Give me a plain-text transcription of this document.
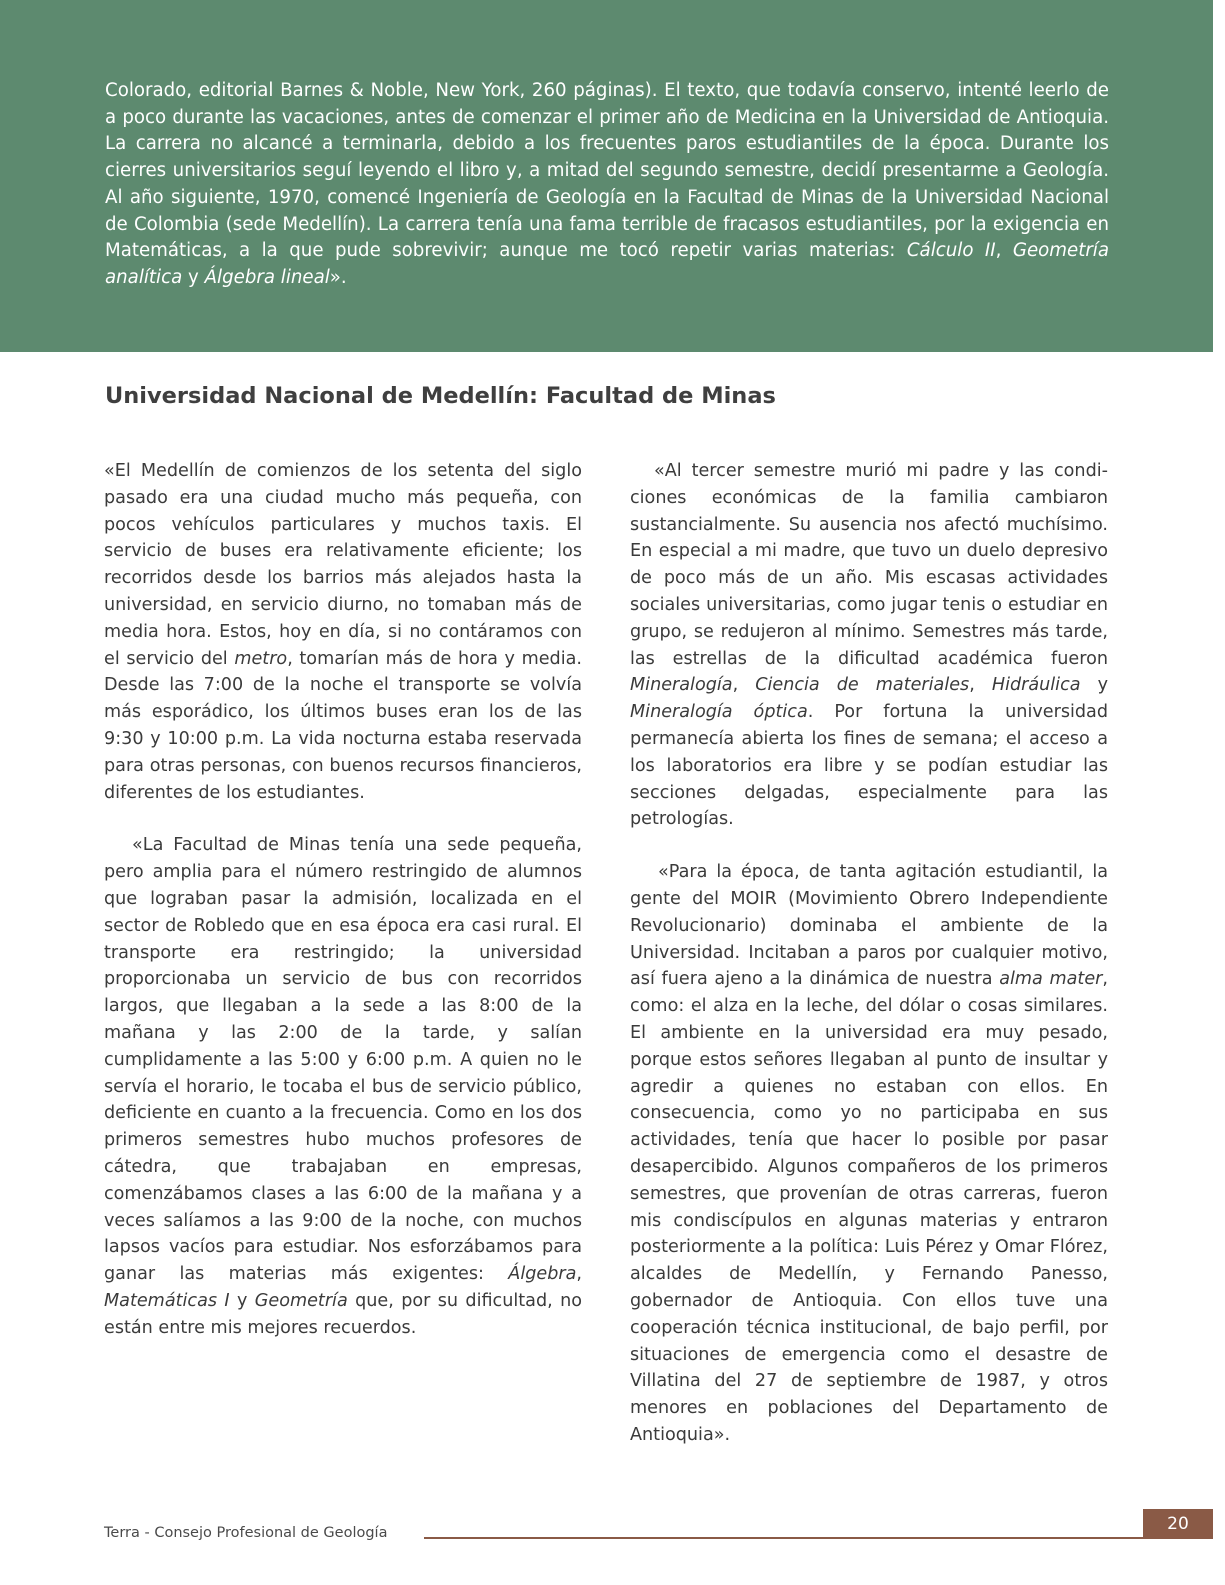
Colorado, editorial Barnes & Noble, New York, 260 páginas). El texto, que todavía conservo, intenté leerlo de a poco durante las vacaciones, antes de comenzar el primer año de Medicina en la Universidad de Antioquia. La carrera no alcancé a terminarla, debido a los frecuentes paros estudiantiles de la época. Durante los cierres universitarios seguí leyendo el libro y, a mitad del segundo semestre, decidí presentarme a Geología. Al año siguiente, 1970, comencé Ingeniería de Geología en la Facultad de Minas de la Universidad Nacional de Colombia (sede Medellín). La carrera tenía una fama terrible de fracasos estudiantiles, por la exigencia en Matemáticas, a la que pude sobrevivir; aunque me tocó repetir varias materias: Cálculo II, Geometría analítica y Álgebra lineal».

Universidad Nacional de Medellín: Facultad de Minas

«El Medellín de comienzos de los setenta del siglo pasado era una ciudad mucho más pequeña, con pocos vehículos particulares y muchos taxis. El servicio de buses era relativamente eficiente; los recorridos desde los barrios más alejados hasta la universidad, en servicio diurno, no tomaban más de media hora. Estos, hoy en día, si no contáramos con el servicio del metro, tomarían más de hora y media. Desde las 7:00 de la noche el transporte se volvía más esporádico, los últimos buses eran los de las 9:30 y 10:00 p.m. La vida nocturna estaba reservada para otras personas, con buenos recursos financieros, diferentes de los estudiantes.

«La Facultad de Minas tenía una sede pequeña, pero amplia para el número restringido de alumnos que lograban pasar la admisión, localizada en el sector de Robledo que en esa época era casi rural. El transporte era restringido; la universidad proporcionaba un servicio de bus con recorridos largos, que llegaban a la sede a las 8:00 de la mañana y las 2:00 de la tarde, y salían cumplidamente a las 5:00 y 6:00 p.m. A quien no le servía el horario, le tocaba el bus de servicio público, deficiente en cuanto a la frecuencia. Como en los dos primeros semestres hubo muchos profesores de cátedra, que trabajaban en empresas, comenzábamos clases a las 6:00 de la mañana y a veces salíamos a las 9:00 de la noche, con muchos lapsos vacíos para estudiar. Nos esforzábamos para ganar las materias más exigentes: Álgebra, Matemáticas I y Geometría que, por su dificultad, no están entre mis mejores recuerdos.

«Al tercer semestre murió mi padre y las condiciones económicas de la familia cambiaron sustancialmente. Su ausencia nos afectó muchísimo. En especial a mi madre, que tuvo un duelo depresivo de poco más de un año. Mis escasas actividades sociales universitarias, como jugar tenis o estudiar en grupo, se redujeron al mínimo. Semestres más tarde, las estrellas de la dificultad académica fueron Mineralogía, Ciencia de materiales, Hidráulica y Mineralogía óptica. Por fortuna la universidad permanecía abierta los fines de semana; el acceso a los laboratorios era libre y se podían estudiar las secciones delgadas, especialmente para las petrologías.

«Para la época, de tanta agitación estudiantil, la gente del MOIR (Movimiento Obrero Independiente Revolucionario) dominaba el ambiente de la Universidad. Incitaban a paros por cualquier motivo, así fuera ajeno a la dinámica de nuestra alma mater, como: el alza en la leche, del dólar o cosas similares. El ambiente en la universidad era muy pesado, porque estos señores llegaban al punto de insultar y agredir a quienes no estaban con ellos. En consecuencia, como yo no participaba en sus actividades, tenía que hacer lo posible por pasar desapercibido. Algunos compañeros de los primeros semestres, que provenían de otras carreras, fueron mis condiscípulos en algunas materias y entraron posteriormente a la política: Luis Pérez y Omar Flórez, alcaldes de Medellín, y Fernando Panesso, gobernador de Antioquia. Con ellos tuve una cooperación técnica institucional, de bajo perfil, por situaciones de emergencia como el desastre de Villatina del 27 de septiembre de 1987, y otros menores en poblaciones del Departamento de Antioquia».

Terra - Consejo Profesional de Geología	20
